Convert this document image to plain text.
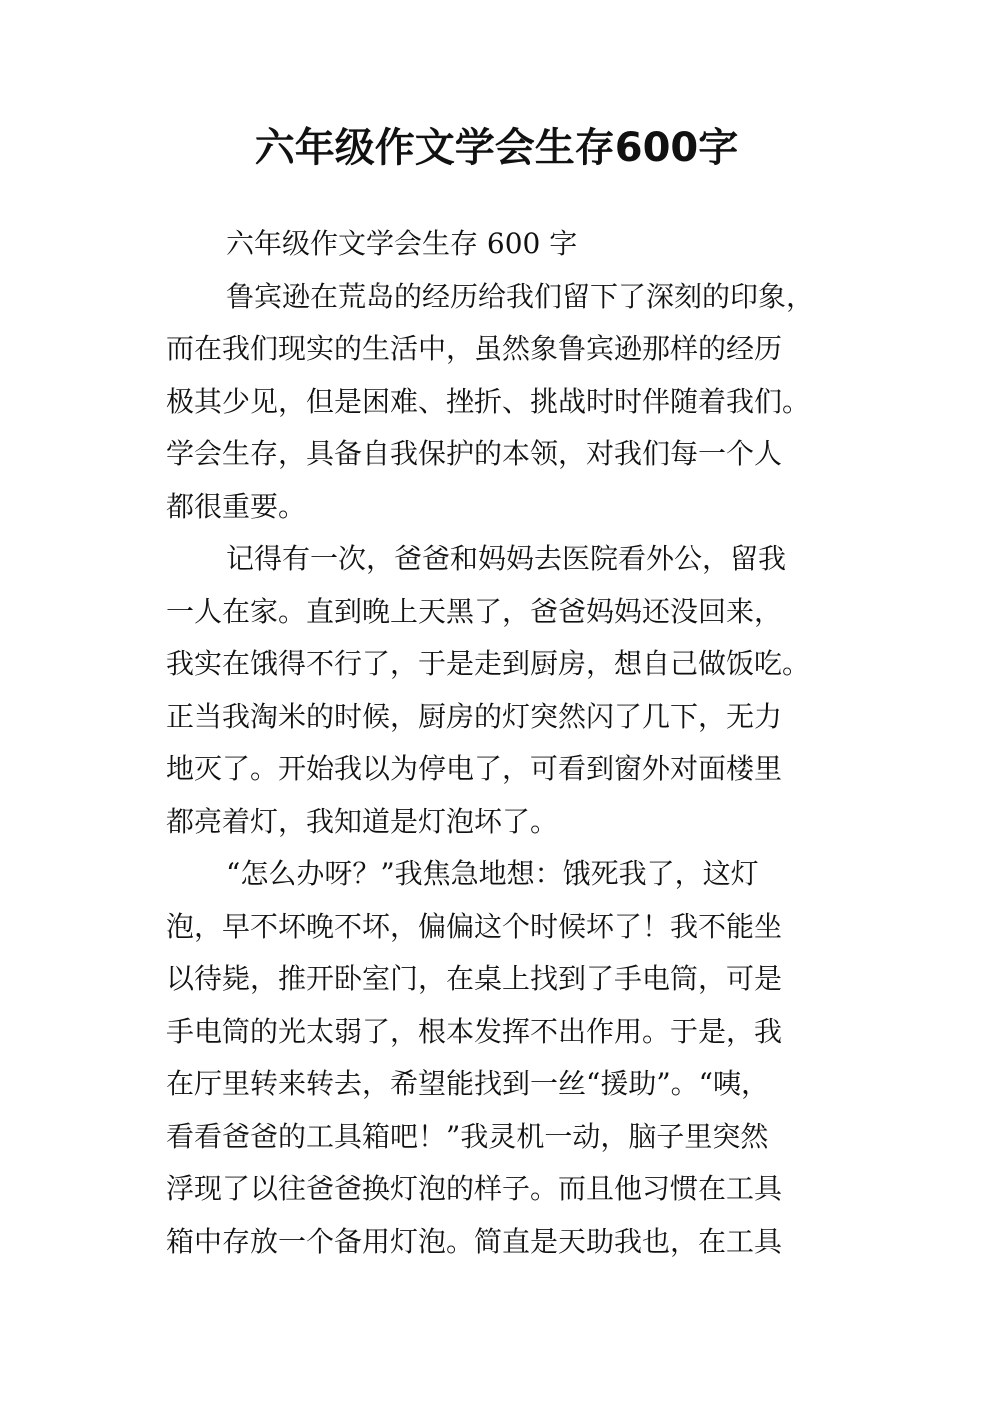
六年级作文学会生存600字

六年级作文学会生存 600 字

鲁宾逊在荒岛的经历给我们留下了深刻的印象，
而在我们现实的生活中，虽然象鲁宾逊那样的经历
极其少见，但是困难、挫折、挑战时时伴随着我们。
学会生存，具备自我保护的本领，对我们每一个人
都很重要。

记得有一次，爸爸和妈妈去医院看外公，留我
一人在家。直到晚上天黑了，爸爸妈妈还没回来，
我实在饿得不行了，于是走到厨房，想自己做饭吃。
正当我淘米的时候，厨房的灯突然闪了几下，无力
地灭了。开始我以为停电了，可看到窗外对面楼里
都亮着灯，我知道是灯泡坏了。

“怎么办呀？”我焦急地想：饿死我了，这灯
泡，早不坏晚不坏，偏偏这个时候坏了！我不能坐
以待毙，推开卧室门，在桌上找到了手电筒，可是
手电筒的光太弱了，根本发挥不出作用。于是，我
在厅里转来转去，希望能找到一丝“援助”。“咦，
看看爸爸的工具箱吧！”我灵机一动，脑子里突然
浮现了以往爸爸换灯泡的样子。而且他习惯在工具
箱中存放一个备用灯泡。简直是天助我也，在工具
